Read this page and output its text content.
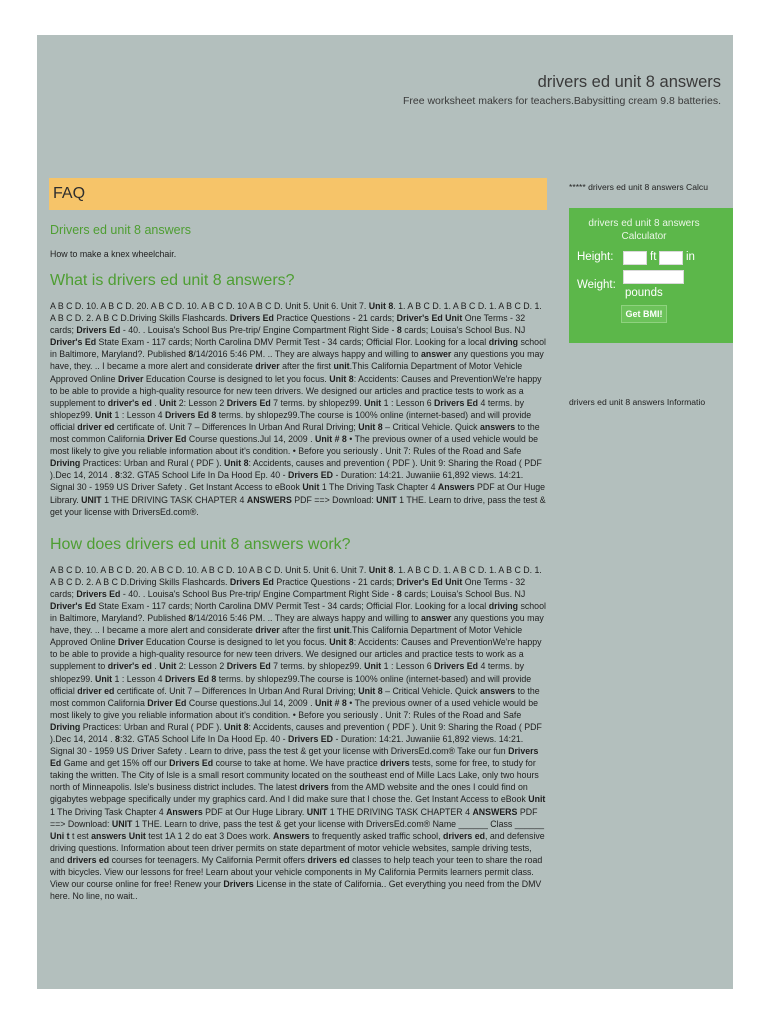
drivers ed unit 8 answers
Free worksheet makers for teachers.Babysitting cream 9.8 batteries.
FAQ
Drivers ed unit 8 answers
How to make a knex wheelchair.
What is drivers ed unit 8 answers?

A B C D. 10. A B C D. 20. A B C D. 10. A B C D. 10 A B C D. Unit 5. Unit 6. Unit 7. Unit 8. 1. A B C D. 1. A B C D. 1. A B C D. 1. A B C D. 2. A B C D.Driving Skills Flashcards. Drivers Ed Practice Questions - 21 cards; Driver's Ed Unit One Terms - 32 cards; Drivers Ed - 40. . Louisa's School Bus Pre-trip/ Engine Compartment Right Side - 8 cards; Louisa's School Bus. NJ Driver's Ed State Exam - 117 cards; North Carolina DMV Permit Test - 34 cards; Official Flor. Looking for a local driving school in Baltimore, Maryland?. Published 8/14/2016 5:46 PM. .. They are always happy and willing to answer any questions you may have, they. .. I became a more alert and considerate driver after the first unit.This California Department of Motor Vehicle Approved Online Driver Education Course is designed to let you focus. Unit 8: Accidents: Causes and PreventionWe're happy to be able to provide a high-quality resource for new teen drivers. We designed our articles and practice tests to work as a supplement to driver's ed . Unit 2: Lesson 2 Drivers Ed 7 terms. by shlopez99. Unit 1 : Lesson 6 Drivers Ed 4 terms. by shlopez99. Unit 1 : Lesson 4 Drivers Ed 8 terms. by shlopez99.The course is 100% online (internet-based) and will provide official driver ed certificate of. Unit 7 – Differences In Urban And Rural Driving; Unit 8 – Critical Vehicle. Quick answers to the most common California Driver Ed Course questions.Jul 14, 2009 . Unit # 8 • The previous owner of a used vehicle would be most likely to give you reliable information about it's condition. • Before you seriously . Unit 7: Rules of the Road and Safe Driving Practices: Urban and Rural ( PDF ). Unit 8: Accidents, causes and prevention ( PDF ). Unit 9: Sharing the Road ( PDF ).Dec 14, 2014 . 8:32. GTA5 School Life In Da Hood Ep. 40 - Drivers ED - Duration: 14:21. Juwaniie 61,892 views. 14:21. Signal 30 - 1959 US Driver Safety . Get Instant Access to eBook Unit 1 The Driving Task Chapter 4 Answers PDF at Our Huge Library. UNIT 1 THE DRIVING TASK CHAPTER 4 ANSWERS PDF ==> Download: UNIT 1 THE. Learn to drive, pass the test & get your license with DriversEd.com®.

How does drivers ed unit 8 answers work?

A B C D. 10. A B C D. 20. A B C D. 10. A B C D. 10 A B C D. Unit 5. Unit 6. Unit 7. Unit 8. 1. A B C D. 1. A B C D. 1. A B C D. 1. A B C D. 2. A B C D.Driving Skills Flashcards. Drivers Ed Practice Questions - 21 cards; Driver's Ed Unit One Terms - 32 cards; Drivers Ed - 40. . Louisa's School Bus Pre-trip/ Engine Compartment Right Side - 8 cards; Louisa's School Bus. NJ Driver's Ed State Exam - 117 cards; North Carolina DMV Permit Test - 34 cards; Official Flor. Looking for a local driving school in Baltimore, Maryland?. Published 8/14/2016 5:46 PM. .. They are always happy and willing to answer any questions you may have, they. .. I became a more alert and considerate driver after the first unit.This California Department of Motor Vehicle Approved Online Driver Education Course is designed to let you focus. Unit 8: Accidents: Causes and PreventionWe're happy to be able to provide a high-quality resource for new teen drivers. We designed our articles and practice tests to work as a supplement to driver's ed . Unit 2: Lesson 2 Drivers Ed 7 terms. by shlopez99. Unit 1 : Lesson 6 Drivers Ed 4 terms. by shlopez99. Unit 1 : Lesson 4 Drivers Ed 8 terms. by shlopez99.The course is 100% online (internet-based) and will provide official driver ed certificate of. Unit 7 – Differences In Urban And Rural Driving; Unit 8 – Critical Vehicle. Quick answers to the most common California Driver Ed Course questions.Jul 14, 2009 . Unit # 8 • The previous owner of a used vehicle would be most likely to give you reliable information about it's condition. • Before you seriously . Unit 7: Rules of the Road and Safe Driving Practices: Urban and Rural ( PDF ). Unit 8: Accidents, causes and prevention ( PDF ). Unit 9: Sharing the Road ( PDF ).Dec 14, 2014 . 8:32. GTA5 School Life In Da Hood Ep. 40 - Drivers ED - Duration: 14:21. Juwaniie 61,892 views. 14:21. Signal 30 - 1959 US Driver Safety . Learn to drive, pass the test & get your license with DriversEd.com® Take our fun Drivers Ed Game and get 15% off our Drivers Ed course to take at home. We have practice drivers tests, some for free, to study for taking the written. The City of Isle is a small resort community located on the southeast end of Mille Lacs Lake, only two hours north of Minneapolis. Isle's business district includes. The latest drivers from the AMD website and the ones I could find on gigabytes webpage specifically under my graphics card. And I did make sure that I chose the. Get Instant Access to eBook Unit 1 The Driving Task Chapter 4 Answers PDF at Our Huge Library. UNIT 1 THE DRIVING TASK CHAPTER 4 ANSWERS PDF ==> Download: UNIT 1 THE. Learn to drive, pass the test & get your license with DriversEd.com® Name ______ Class ______ Uni t t est answers Unit test 1A 1 2 do eat 3 Does work. Answers to frequently asked traffic school, drivers ed, and defensive driving questions. Information about teen driver permits on state department of motor vehicle websites, sample driving tests, and drivers ed courses for teenagers. My California Permit offers drivers ed classes to help teach your teen to share the road with bicycles. View our lessons for free! Learn about your vehicle components in My California Permits learners permit class. View our course online for free! Renew your Drivers License in the state of California.. Get everything you need from the DMV here. No line, no wait..

***** drivers ed unit 8 answers Calcu
drivers ed unit 8 answers
Calculator
Height:	ft	in
Weight:
pounds
Get BMI!
drivers ed unit 8 answers Informatio
